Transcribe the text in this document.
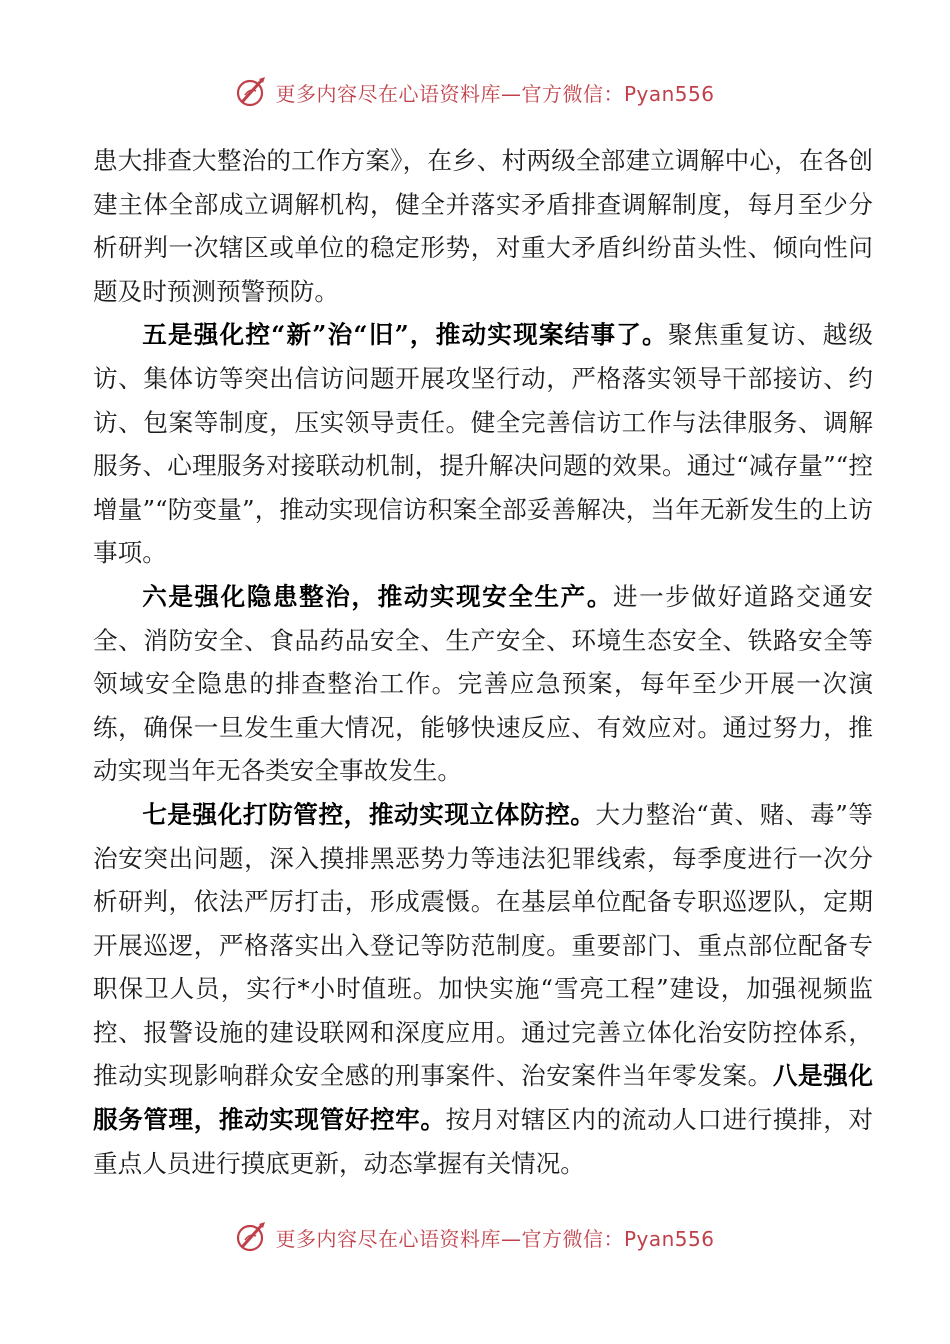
更多内容尽在心语资料库—官方微信：Pyan556

患大排查大整治的工作方案》，在乡、村两级全部建立调解中心，在各创建主体全部成立调解机构，健全并落实矛盾排查调解制度，每月至少分析研判一次辖区或单位的稳定形势，对重大矛盾纠纷苗头性、倾向性问题及时预测预警预防。

五是强化控“新”治“旧”，推动实现案结事了。聚焦重复访、越级访、集体访等突出信访问题开展攻坚行动，严格落实领导干部接访、约访、包案等制度，压实领导责任。健全完善信访工作与法律服务、调解服务、心理服务对接联动机制，提升解决问题的效果。通过“减存量”“控增量”“防变量”，推动实现信访积案全部妥善解决，当年无新发生的上访事项。

六是强化隐患整治，推动实现安全生产。进一步做好道路交通安全、消防安全、食品药品安全、生产安全、环境生态安全、铁路安全等领域安全隐患的排查整治工作。完善应急预案，每年至少开展一次演练，确保一旦发生重大情况，能够快速反应、有效应对。通过努力，推动实现当年无各类安全事故发生。

七是强化打防管控，推动实现立体防控。大力整治“黄、赌、毒”等治安突出问题，深入摸排黑恶势力等违法犯罪线索，每季度进行一次分析研判，依法严厉打击，形成震慑。在基层单位配备专职巡逻队，定期开展巡逻，严格落实出入登记等防范制度。重要部门、重点部位配备专职保卫人员，实行*小时值班。加快实施“雪亮工程”建设，加强视频监控、报警设施的建设联网和深度应用。通过完善立体化治安防控体系，推动实现影响群众安全感的刑事案件、治安案件当年零发案。八是强化服务管理，推动实现管好控牢。按月对辖区内的流动人口进行摸排，对重点人员进行摸底更新，动态掌握有关情况。

更多内容尽在心语资料库—官方微信：Pyan556
